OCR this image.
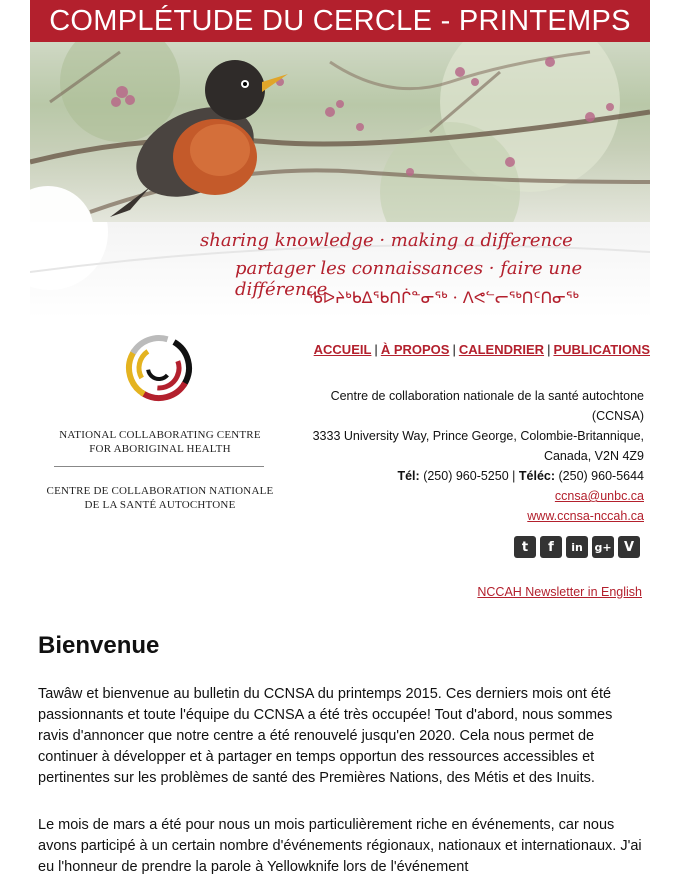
COMPLÉTUDE DU CERCLE - PRINTEMPS
sharing knowledge · making a difference
partager les connaissances · faire une différence
ᖃᐅᔨᒃᑲᐃᖃᑎᒌᓐᓂᖅ · ᐱᕙᓪᓕᖅᑎᑦᑎᓂᖅ
NATIONAL COLLABORATING CENTRE
FOR ABORIGINAL HEALTH
CENTRE DE COLLABORATION NATIONALE
DE LA SANTÉ AUTOCHTONE
ACCUEIL | À PROPOS | CALENDRIER | PUBLICATIONS
Centre de collaboration nationale de la santé autochtone
(CCNSA)
3333 University Way, Prince George, Colombie-Britannique,
Canada, V2N 4Z9
Tél: (250) 960-5250 | Téléc: (250) 960-5644
ccnsa@unbc.ca
www.ccnsa-nccah.ca
t	f	in	g+ V
NCCAH Newsletter in English
Bienvenue
Tawâw et bienvenue au bulletin du CCNSA du printemps 2015. Ces derniers mois ont été passionnants et toute l'équipe du CCNSA a été très occupée! Tout d'abord, nous sommes ravis d'annoncer que notre centre a été renouvelé jusqu'en 2020. Cela nous permet de continuer à développer et à partager en temps opportun des ressources accessibles et pertinentes sur les problèmes de santé des Premières Nations, des Métis et des Inuits.
Le mois de mars a été pour nous un mois particulièrement riche en événements, car nous avons participé à un certain nombre d'événements régionaux, nationaux et internationaux. J'ai eu l'honneur de prendre la parole à Yellowknife lors de l'événement
